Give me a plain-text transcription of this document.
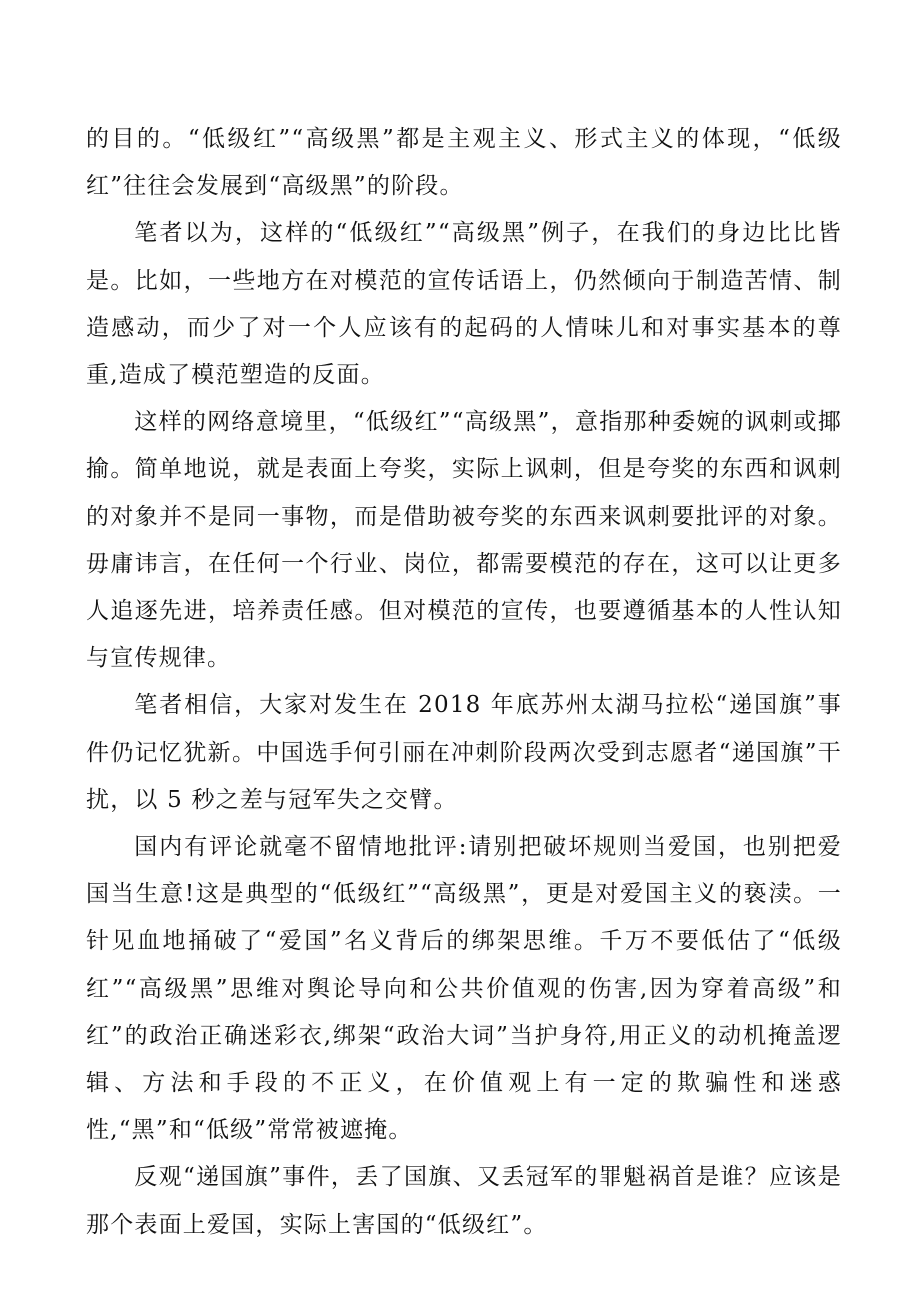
的目的。“低级红”“高级黑”都是主观主义、形式主义的体现，“低级红”往往会发展到“高级黑”的阶段。

笔者以为，这样的“低级红”“高级黑”例子，在我们的身边比比皆是。比如，一些地方在对模范的宣传话语上，仍然倾向于制造苦情、制造感动，而少了对一个人应该有的起码的人情味儿和对事实基本的尊重,造成了模范塑造的反面。

这样的网络意境里，“低级红”“高级黑”，意指那种委婉的讽刺或揶揄。简单地说，就是表面上夸奖，实际上讽刺，但是夸奖的东西和讽刺的对象并不是同一事物，而是借助被夸奖的东西来讽刺要批评的对象。毋庸讳言，在任何一个行业、岗位，都需要模范的存在，这可以让更多人追逐先进，培养责任感。但对模范的宣传，也要遵循基本的人性认知与宣传规律。

笔者相信，大家对发生在 2018 年底苏州太湖马拉松“递国旗”事件仍记忆犹新。中国选手何引丽在冲刺阶段两次受到志愿者“递国旗”干扰，以 5 秒之差与冠军失之交臂。

国内有评论就毫不留情地批评:请别把破坏规则当爱国，也别把爱国当生意!这是典型的“低级红”“高级黑”，更是对爱国主义的亵渎。一针见血地捅破了“爱国”名义背后的绑架思维。千万不要低估了“低级红”“高级黑”思维对舆论导向和公共价值观的伤害,因为穿着高级”和红”的政治正确迷彩衣,绑架“政治大词”当护身符,用正义的动机掩盖逻辑、方法和手段的不正义，在价值观上有一定的欺骗性和迷惑性,“黑”和“低级”常常被遮掩。

反观“递国旗”事件，丢了国旗、又丢冠军的罪魁祸首是谁？应该是那个表面上爱国，实际上害国的“低级红”。
